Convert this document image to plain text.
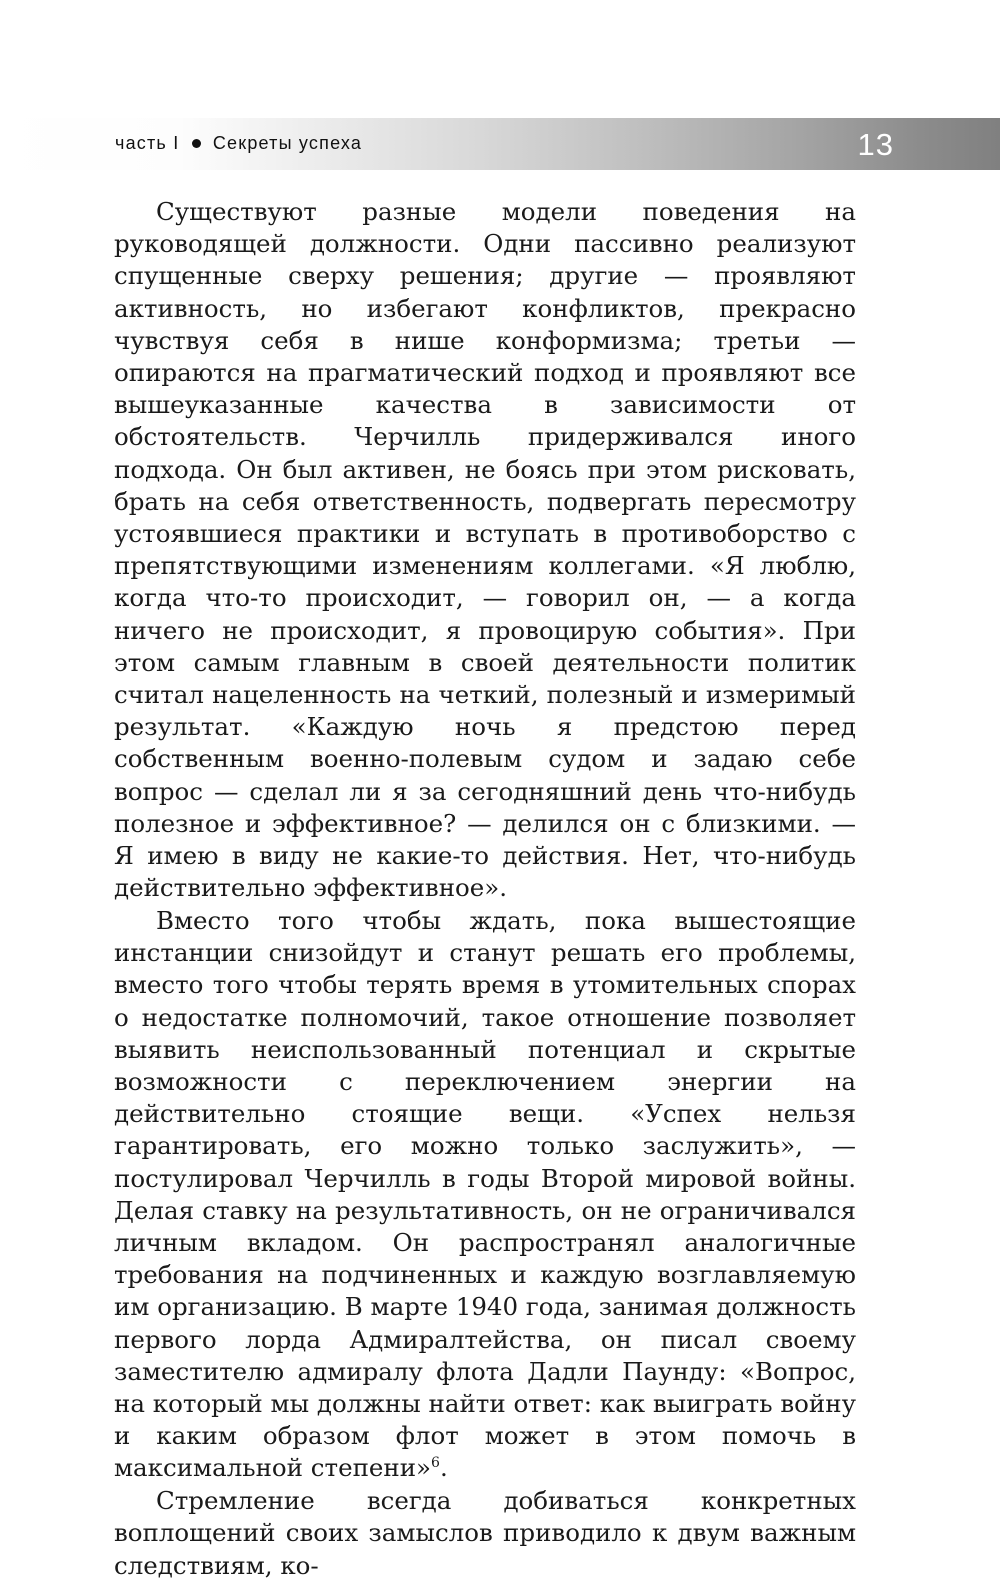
часть I Секреты успеха	13

Существуют разные модели поведения на руководящей должности. Одни пассивно реализуют спущенные сверху решения; другие — проявляют активность, но избегают конфликтов, прекрасно чувствуя себя в нише конформизма; третьи — опираются на прагматический подход и проявляют все вышеуказанные качества в зависимости от обстоятельств. Черчилль придерживался иного подхода. Он был активен, не боясь при этом рисковать, брать на себя ответственность, подвергать пересмотру устоявшиеся практики и вступать в противоборство с препятствующими изменениям коллегами. «Я люблю, когда что-то происходит, — говорил он, — а когда ничего не происходит, я провоцирую события». При этом самым главным в своей деятельности политик считал нацеленность на четкий, полезный и измеримый результат. «Каждую ночь я предстою перед собственным военно-полевым судом и задаю себе вопрос — сделал ли я за сегодняшний день что-нибудь полезное и эффективное? — делился он с близкими. — Я имею в виду не какие-то действия. Нет, что-нибудь действительно эффективное».

Вместо того чтобы ждать, пока вышестоящие инстанции снизойдут и станут решать его проблемы, вместо того чтобы терять время в утомительных спорах о недостатке полномочий, такое отношение позволяет выявить неиспользованный потенциал и скрытые возможности с переключением энергии на действительно стоящие вещи. «Успех нельзя гарантировать, его можно только заслужить», — постулировал Черчилль в годы Второй мировой войны. Делая ставку на результативность, он не ограничивался личным вкладом. Он распространял аналогичные требования на подчиненных и каждую возглавляемую им организацию. В марте 1940 года, занимая должность первого лорда Адмиралтейства, он писал своему заместителю адмиралу флота Дадли Паунду: «Вопрос, на который мы должны найти ответ: как выиграть войну и каким образом флот может в этом помочь в максимальной степени»$^6$.

Стремление всегда добиваться конкретных воплощений своих замыслов приводило к двум важным следствиям, ко-
